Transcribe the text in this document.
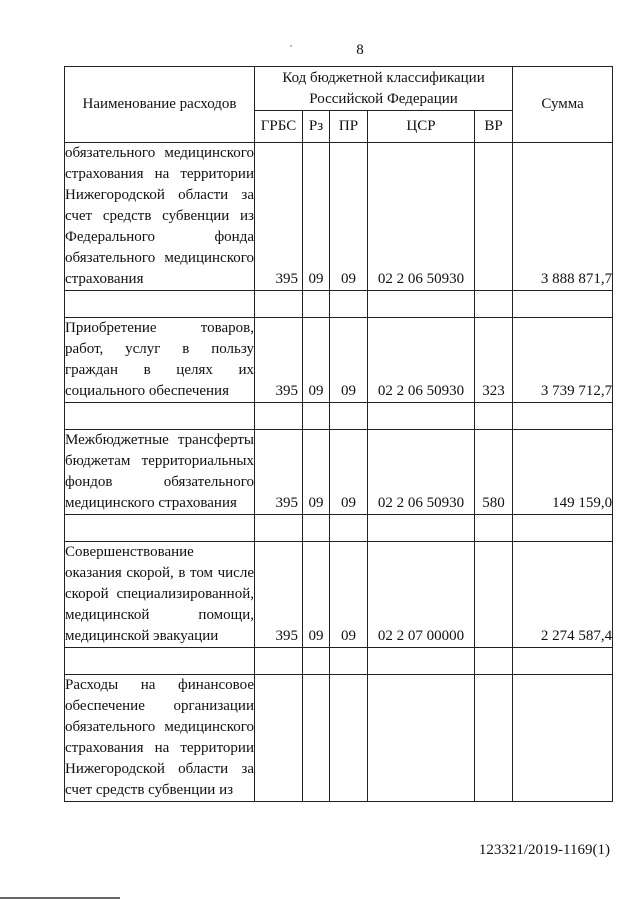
8
˙
Наименование расходов	Код бюджетной классификации Российской Федерации					Сумма
	ГРБС	Рз	ПР	ЦСР	ВР	
обязательного медицинского страхования на территории Нижегородской области за счет средств субвенции из Федерального фонда обязательного медицинского страхования	395	09	09	02 2 06 50930		3 888 871,7

Приобретение товаров, работ, услуг в пользу граждан в целях их социального обеспечения	395	09	09	02 2 06 50930	323	3 739 712,7

Межбюджетные трансферты бюджетам территориальных фондов обязательного медицинского страхования	395	09	09	02 2 06 50930	580	149 159,0

Совершенствование оказания скорой, в том числе скорой специализированной, медицинской помощи, медицинской эвакуации	395	09	09	02 2 07 00000		2 274 587,4

Расходы на финансовое обеспечение организации обязательного медицинского страхования на территории Нижегородской области за счет средств субвенции из						
123321/2019-1169(1)
